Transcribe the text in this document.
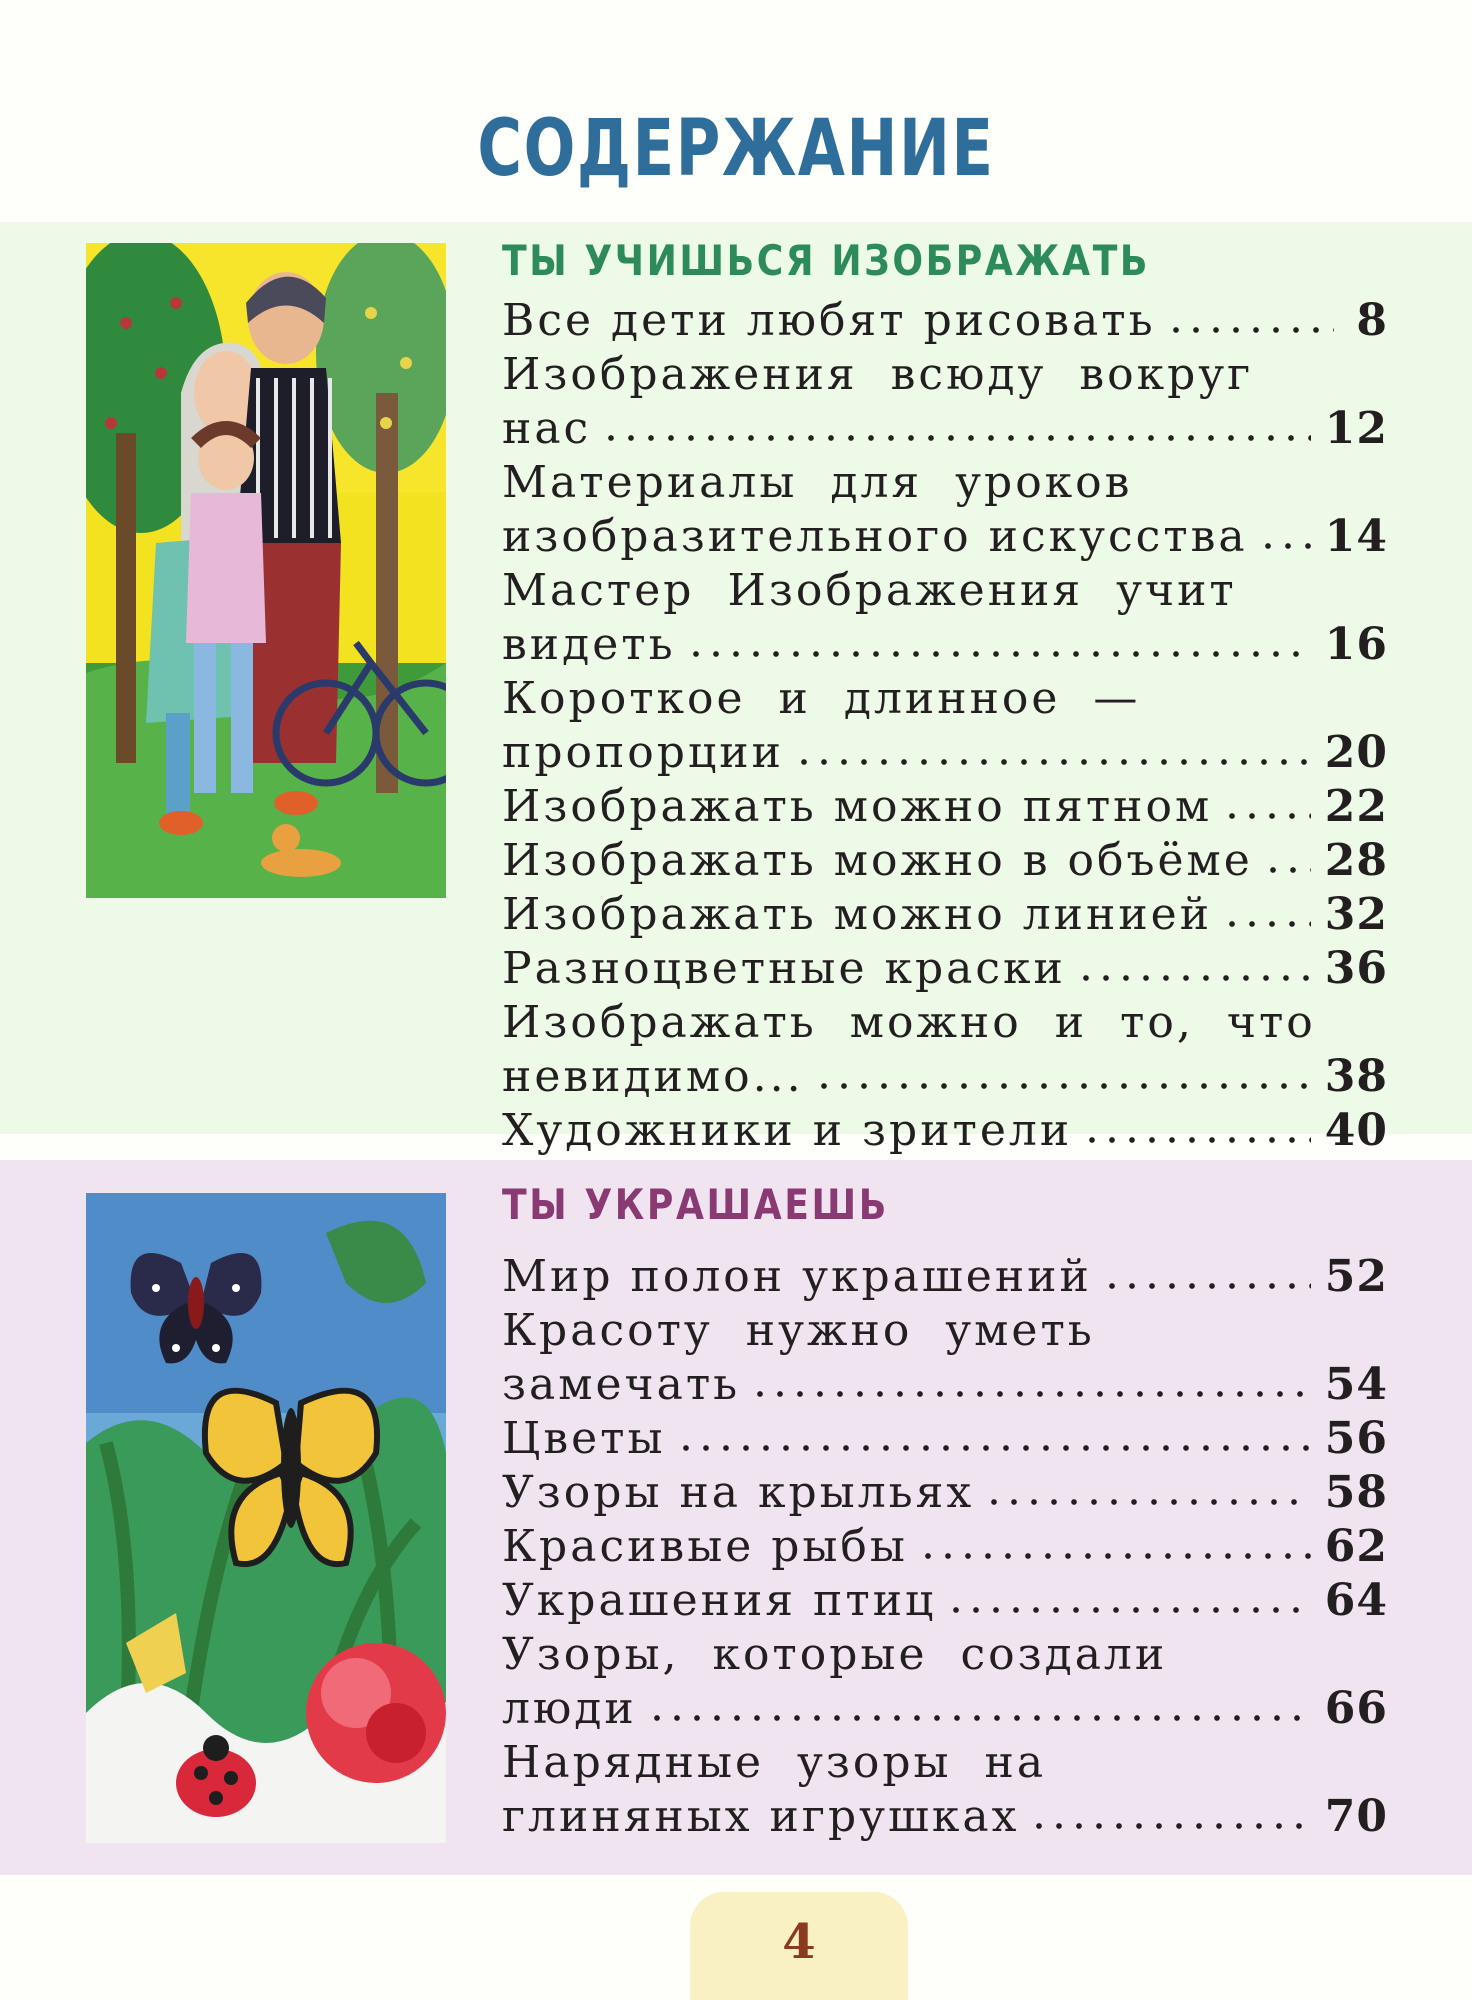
СОДЕРЖАНИЕ
ТЫ УЧИШЬСЯ ИЗОБРАЖАТЬ
Все дети любят рисовать	8
Изображения всюду вокруг
нас	12
Материалы для уроков
изобразительного искусства 14
Мастер Изображения учит
видеть	16
Короткое и длинное —
пропорции	20
Изображать можно пятном	22
Изображать можно в объёме 28
Изображать можно линией	32
Разноцветные краски	36
Изображать можно и то, что
невидимо...	38
Художники и зрители	40
ТЫ УКРАШАЕШЬ
Мир полон украшений	52
Красоту нужно уметь
замечать	54
Цветы	56
Узоры на крыльях	58
Красивые рыбы	62
Украшения птиц	64
Узоры, которые создали
люди	66
Нарядные узоры на
глиняных игрушках	70
4
